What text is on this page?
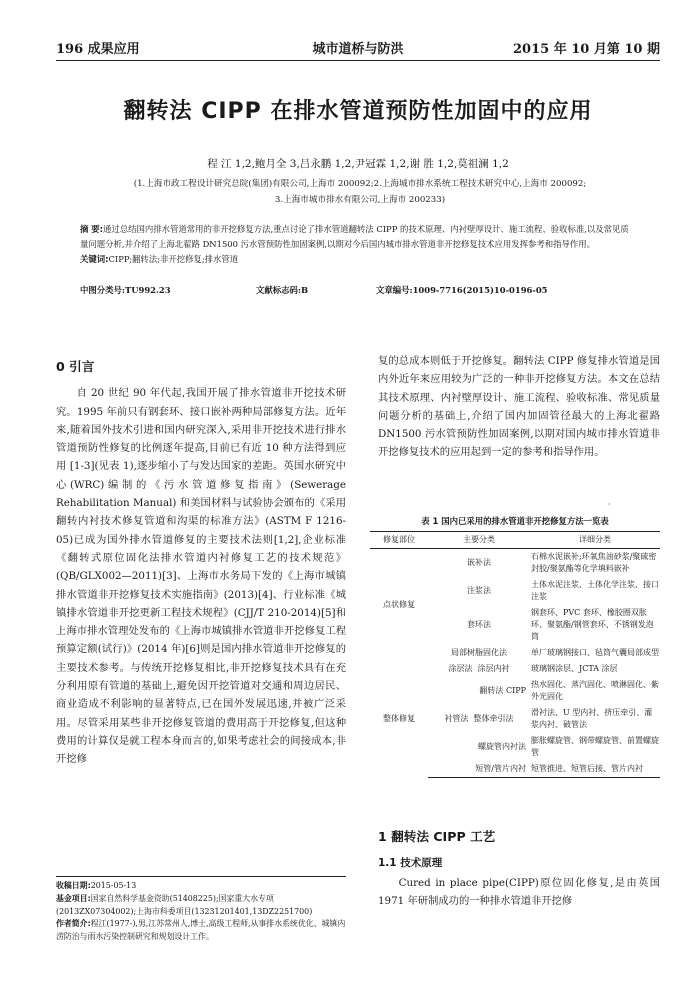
196 成果应用	城市道桥与防洪	2015 年 10 月第 10 期
翻转法 CIPP 在排水管道预防性加固中的应用
程 江 1,2,鲍月全 3,吕永鹏 1,2,尹冠霖 1,2,谢 胜 1,2,莫祖澜 1,2
(1.上海市政工程设计研究总院(集团)有限公司,上海市 200092;2.上海城市排水系统工程技术研究中心,上海市 200092;
3.上海市城市排水有限公司,上海市 200233)
摘 要:通过总结国内排水管道常用的非开挖修复方法,重点讨论了排水管道翻转法 CIPP 的技术原理、内衬壁厚设计、施工流程、验收标准,以及常见质量问题分析,并介绍了上海北翟路 DN1500 污水管预防性加固案例,以期对今后国内城市排水管道非开挖修复技术应用发挥参考和指导作用。
关键词:CIPP;翻转法;非开挖修复;排水管道
中图分类号:TU992.23	文献标志码:B	文章编号:1009-7716(2015)10-0196-05
0 引言

自 20 世纪 90 年代起,我国开展了排水管道非开挖技术研究。1995 年前只有钢套环、接口嵌补两种局部修复方法。近年来,随着国外技术引进和国内研究深入,采用非开挖技术进行排水管道预防性修复的比例逐年提高,目前已有近 10 种方法得到应用 [1-3](见表 1),逐步缩小了与发达国家的差距。英国水研究中心(WRC)编制的《污水管道修复指南》(Sewerage Rehabilitation Manual) 和美国材料与试验协会颁布的《采用翻转内衬技术修复管道和沟渠的标准方法》(ASTM F 1216-05)已成为国外排水管道修复的主要技术法则[1,2],企业标准《翻转式原位固化法排水管道内衬修复工艺的技术规范》(QB/GLX002—2011)[3]、上海市水务局下发的《上海市城镇排水管道非开挖修复技术实施指南》(2013)[4]、行业标准《城镇排水管道非开挖更新工程技术规程》(CJJ/T 210-2014)[5]和上海市排水管理处发布的《上海市城镇排水管道非开挖修复工程预算定额(试行)》(2014 年)[6]则是国内排水管道非开挖修复的主要技术参考。与传统开挖修复相比,非开挖修复技术具有在充分利用原有管道的基础上,避免因开挖管道对交通和周边居民、商业造成不利影响的显著特点,已在国外发展迅速,并被广泛采用。尽管采用某些非开挖修复管道的费用高于开挖修复,但这种费用的计算仅是就工程本身而言的,如果考虑社会的间接成本,非开挖修

复的总成本则低于开挖修复。翻转法 CIPP 修复排水管道是国内外近年来应用较为广泛的一种非开挖修复方法。本文在总结其技术原理、内衬壁厚设计、施工流程、验收标准、常见质量问题分析的基础上,介绍了国内加固管径最大的上海北翟路 DN1500 污水管预防性加固案例,以期对国内城市排水管道非开挖修复技术的应用起到一定的参考和指导作用。

·
表 1 国内已采用的排水管道非开挖修复方法一览表
修复部位	主要分类	详细分类
点状修复	嵌补法	石棉水泥嵌补;环氧焦油砂浆/聚硫密封胶/聚氨酯等化学填料嵌补
	注浆法	土体水泥注浆、土体化学注浆、接口注浆
	套环法	钢套环、PVC 套环、橡胶圈双胀环、聚氨酯/钢管套环、不锈钢发泡筒
	局部树脂固化法	单厂玻璃钢接口、毡筒气囊局部成型
整体修复	涂层法 涂层内衬	玻璃钢涂层、JCTA 涂层
	翻转法 CIPP	热水固化、蒸汽固化、喷淋固化、紫外光固化
	衬管法 整体牵引法	滑衬法、U 型内衬、挤压牵引、灌浆内衬、破管法
	螺旋管内衬法	膨胀螺旋管、钢带螺旋管、前置螺旋管
	短管/管片内衬	短管推进、短管后接、管片内衬
1 翻转法 CIPP 工艺
1.1 技术原理

Cured in place pipe(CIPP)原位固化修复,是由英国 1971 年研制成功的一种排水管道非开挖修

收稿日期:2015-05-13
基金项目:国家自然科学基金资助(51408225);国家重大水专项(2013ZX07304002);上海市科委项目(13231201401,13DZ2251700)
作者简介:程江(1977-),男,江苏常州人,博士,高级工程师,从事排水系统优化、城镇内涝防治与雨水污染控制研究和规划设计工作。
